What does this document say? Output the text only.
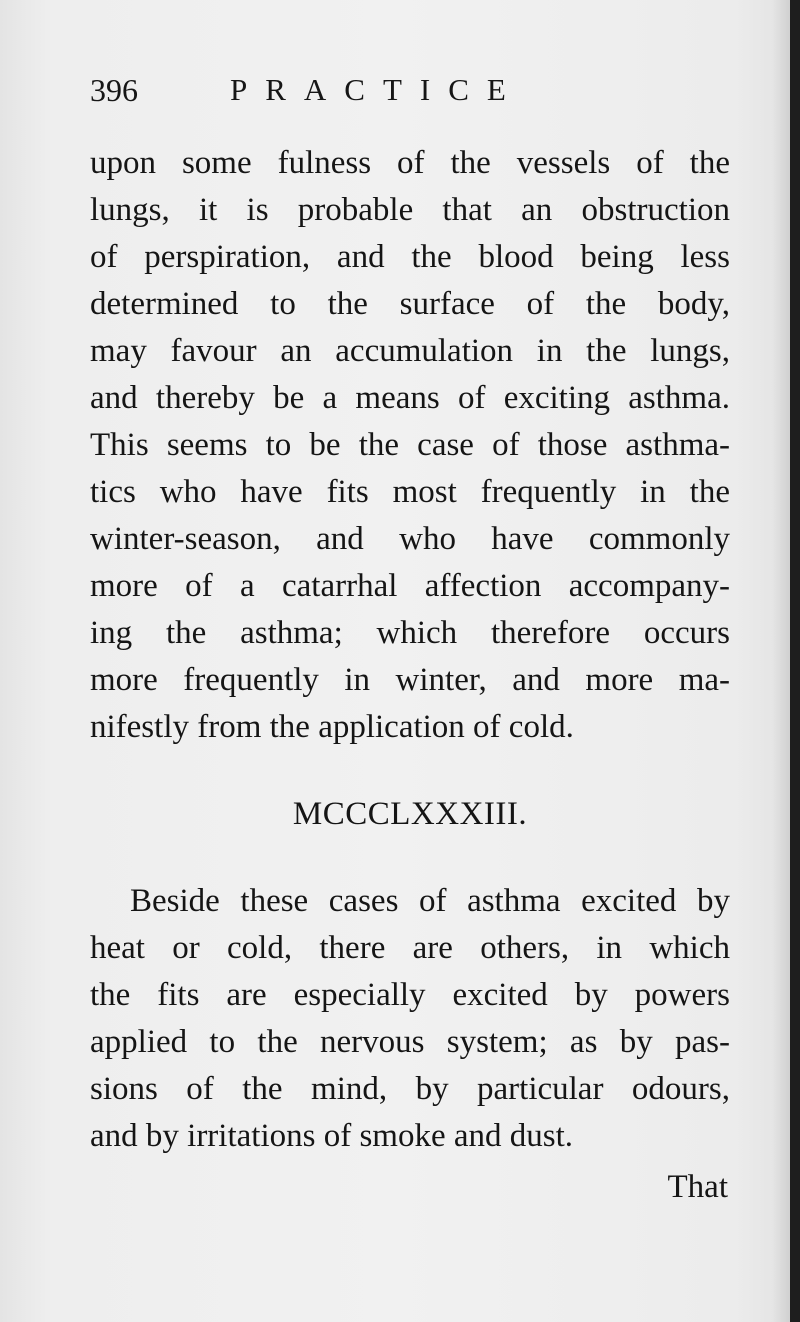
396	PRACTICE
upon some fulness of the vessels of the
lungs, it is probable that an obstruction
of perspiration, and the blood being less
determined to the surface of the body,
may favour an accumulation in the lungs,
and thereby be a means of exciting asthma.
This seems to be the case of those asthma-
tics who have fits most frequently in the
winter-season, and who have commonly
more of a catarrhal affection accompany-
ing the asthma; which therefore occurs
more frequently in winter, and more ma-
nifestly from the application of cold.
MCCCLXXXIII.
Beside these cases of asthma excited by
heat or cold, there are others, in which
the fits are especially excited by powers
applied to the nervous system; as by pas-
sions of the mind, by particular odours,
and by irritations of smoke and dust.
That
